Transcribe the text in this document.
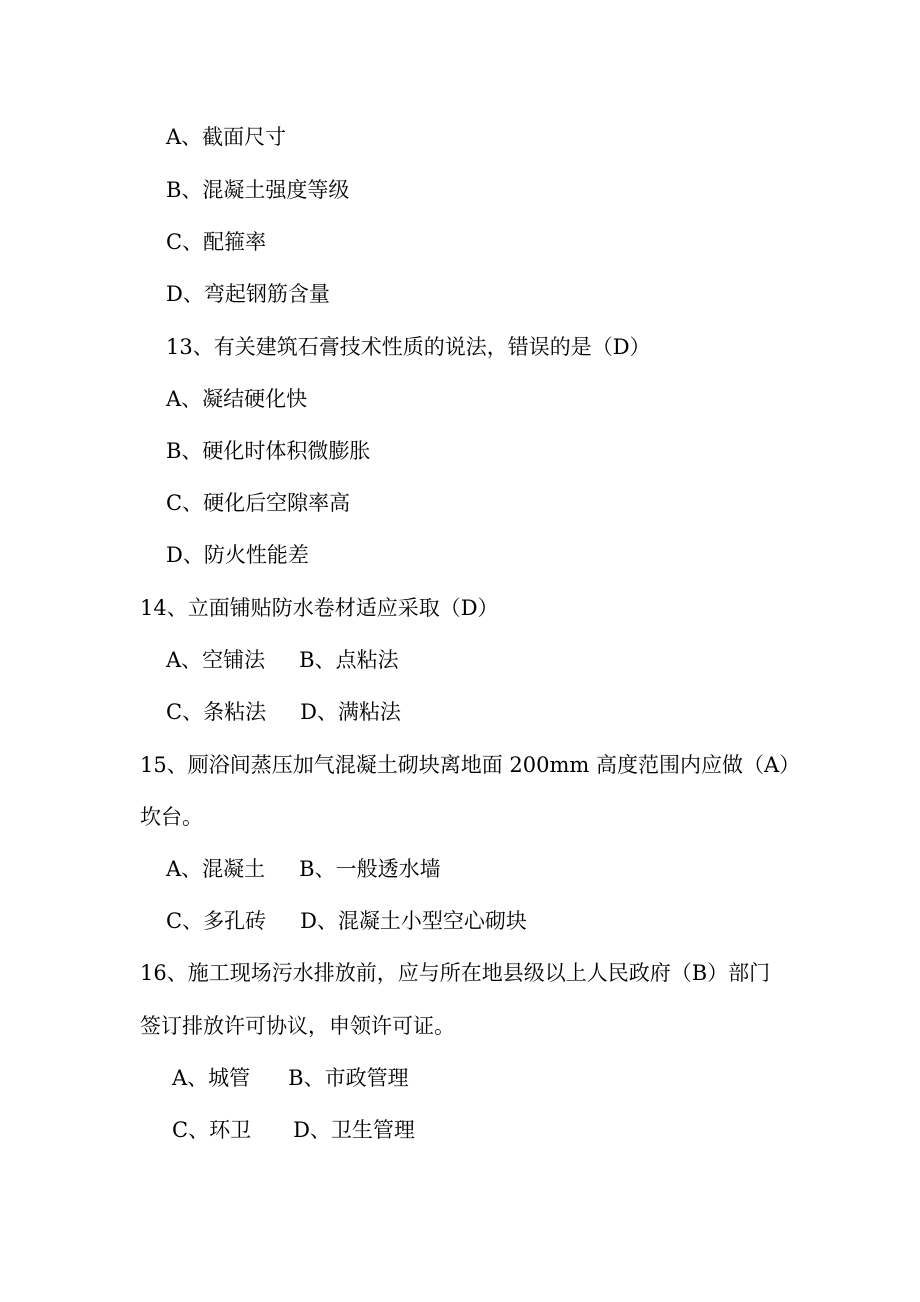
A、截面尺寸
B、混凝土强度等级
C、配箍率
D、弯起钢筋含量
13、有关建筑石膏技术性质的说法，错误的是（D）
A、凝结硬化快
B、硬化时体积微膨胀
C、硬化后空隙率高
D、防火性能差
14、立面铺贴防水卷材适应采取（D）
A、空铺法 B、点粘法
C、条粘法 D、满粘法
15、厕浴间蒸压加气混凝土砌块离地面 200mm 高度范围内应做（A）
坎台。
A、混凝土 B、一般透水墙
C、多孔砖 D、混凝土小型空心砌块
16、施工现场污水排放前，应与所在地县级以上人民政府（B）部门
签订排放许可协议，申领许可证。
A、城管 B、市政管理
C、环卫 D、卫生管理
